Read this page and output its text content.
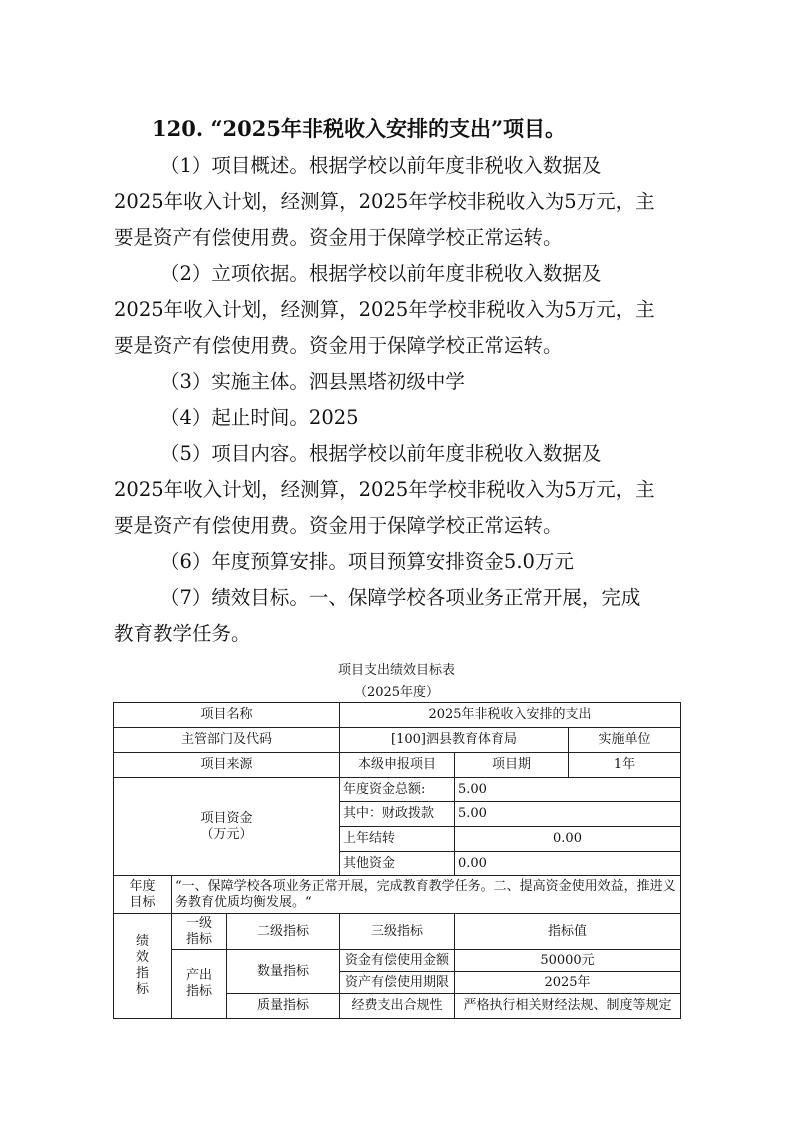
120. “2025年非税收入安排的支出”项目。
（1）项目概述。根据学校以前年度非税收入数据及
2025年收入计划，经测算，2025年学校非税收入为5万元，主
要是资产有偿使用费。资金用于保障学校正常运转。
（2）立项依据。根据学校以前年度非税收入数据及
2025年收入计划，经测算，2025年学校非税收入为5万元，主
要是资产有偿使用费。资金用于保障学校正常运转。
（3）实施主体。泗县黑塔初级中学
（4）起止时间。2025
（5）项目内容。根据学校以前年度非税收入数据及
2025年收入计划，经测算，2025年学校非税收入为5万元，主
要是资产有偿使用费。资金用于保障学校正常运转。
（6）年度预算安排。项目预算安排资金5.0万元
（7）绩效目标。一、保障学校各项业务正常开展，完成
教育教学任务。
项目支出绩效目标表
（2025年度）
项目名称			2025年非税收入安排的支出		
主管部门及代码			[100]泗县教育体育局		实施单位
项目来源			本级申报项目	项目期	1年

项目资金
（万元）			年度资金总额:	5.00	
			其中：财政拨款	5.00	
			上年结转	0.00	
			其他资金	0.00	
年度目标	“一、保障学校各项业务正常开展，完成教育教学任务。二、提高资金使用效益，推进义务教育优质均衡发展。“				
绩效指标	一级指标	二级指标	三级指标	指标值	
	产出指标	数量指标	资金有偿使用金额	50000元	
			资产有偿使用期限	2025年	
		质量指标	经费支出合规性	严格执行相关财经法规、制度等规定	
